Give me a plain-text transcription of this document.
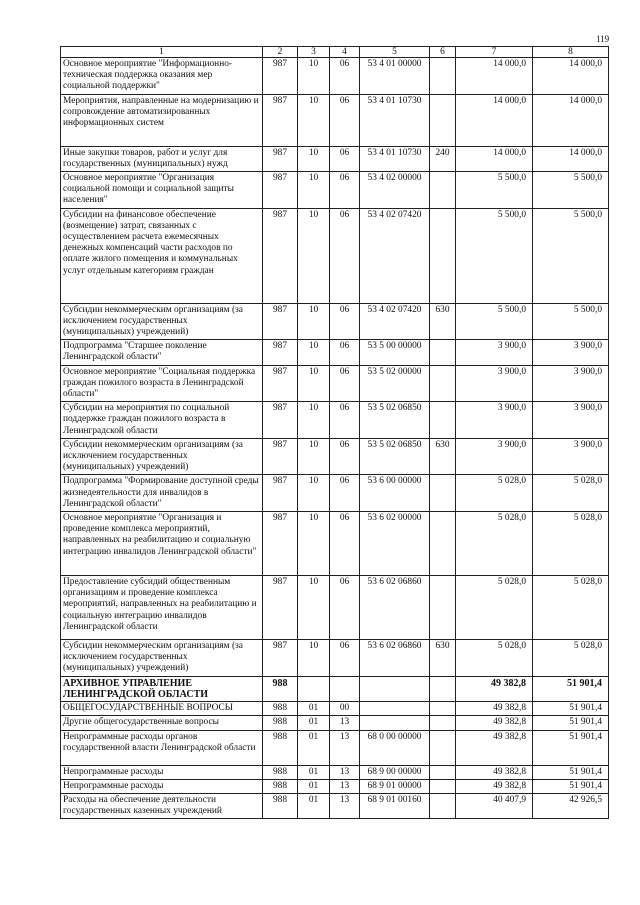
119
1	2	3	4	5	6	7	8
Основное мероприятие "Информационно-техническая поддержка оказания мер социальной поддержки"	987	10	06	53 4 01 00000		14 000,0	14 000,0
Мероприятия, направленные на модернизацию и сопровождение автоматизированных информационных систем	987	10	06	53 4 01 10730		14 000,0	14 000,0
Иные закупки товаров, работ и услуг для государственных (муниципальных) нужд	987	10	06	53 4 01 10730	240	14 000,0	14 000,0
Основное мероприятие "Организация социальной помощи и социальной защиты населения"	987	10	06	53 4 02 00000		5 500,0	5 500,0
Субсидии на финансовое обеспечение (возмещение) затрат, связанных с осуществлением расчета ежемесячных денежных компенсаций части расходов по оплате жилого помещения и коммунальных услуг отдельным категориям граждан	987	10	06	53 4 02 07420		5 500,0	5 500,0
Субсидии некоммерческим организациям (за исключением государственных (муниципальных) учреждений)	987	10	06	53 4 02 07420	630	5 500,0	5 500,0
Подпрограмма "Старшее поколение Ленинградской области"	987	10	06	53 5 00 00000		3 900,0	3 900,0
Основное мероприятие "Социальная поддержка граждан пожилого возраста в Ленинградской области"	987	10	06	53 5 02 00000		3 900,0	3 900,0
Субсидии на мероприятия по социальной поддержке граждан пожилого возраста в Ленинградской области	987	10	06	53 5 02 06850		3 900,0	3 900,0
Субсидии некоммерческим организациям (за исключением государственных (муниципальных) учреждений)	987	10	06	53 5 02 06850	630	3 900,0	3 900,0
Подпрограмма "Формирование доступной среды жизнедеятельности для инвалидов в Ленинградской области"	987	10	06	53 6 00 00000		5 028,0	5 028,0
Основное мероприятие "Организация и проведение комплекса мероприятий, направленных на реабилитацию и социальную интеграцию инвалидов Ленинградской области"	987	10	06	53 6 02 00000		5 028,0	5 028,0
Предоставление субсидий общественным организациям и проведение комплекса мероприятий, направленных на реабилитацию и социальную интеграцию инвалидов Ленинградской области	987	10	06	53 6 02 06860		5 028,0	5 028,0
Субсидии некоммерческим организациям (за исключением государственных (муниципальных) учреждений)	987	10	06	53 6 02 06860	630	5 028,0	5 028,0
АРХИВНОЕ УПРАВЛЕНИЕ ЛЕНИНГРАДСКОЙ ОБЛАСТИ	988					49 382,8	51 901,4
ОБЩЕГОСУДАРСТВЕННЫЕ ВОПРОСЫ	988	01	00			49 382,8	51 901,4
Другие общегосударственные вопросы	988	01	13			49 382,8	51 901,4
Непрограммные расходы органов государственной власти Ленинградской области	988	01	13	68 0 00 00000		49 382,8	51 901,4
Непрограммные расходы	988	01	13	68 9 00 00000		49 382,8	51 901,4
Непрограммные расходы	988	01	13	68 9 01 00000		49 382,8	51 901,4
Расходы на обеспечение деятельности государственных казенных учреждений	988	01	13	68 9 01 00160		40 407,9	42 926,5
